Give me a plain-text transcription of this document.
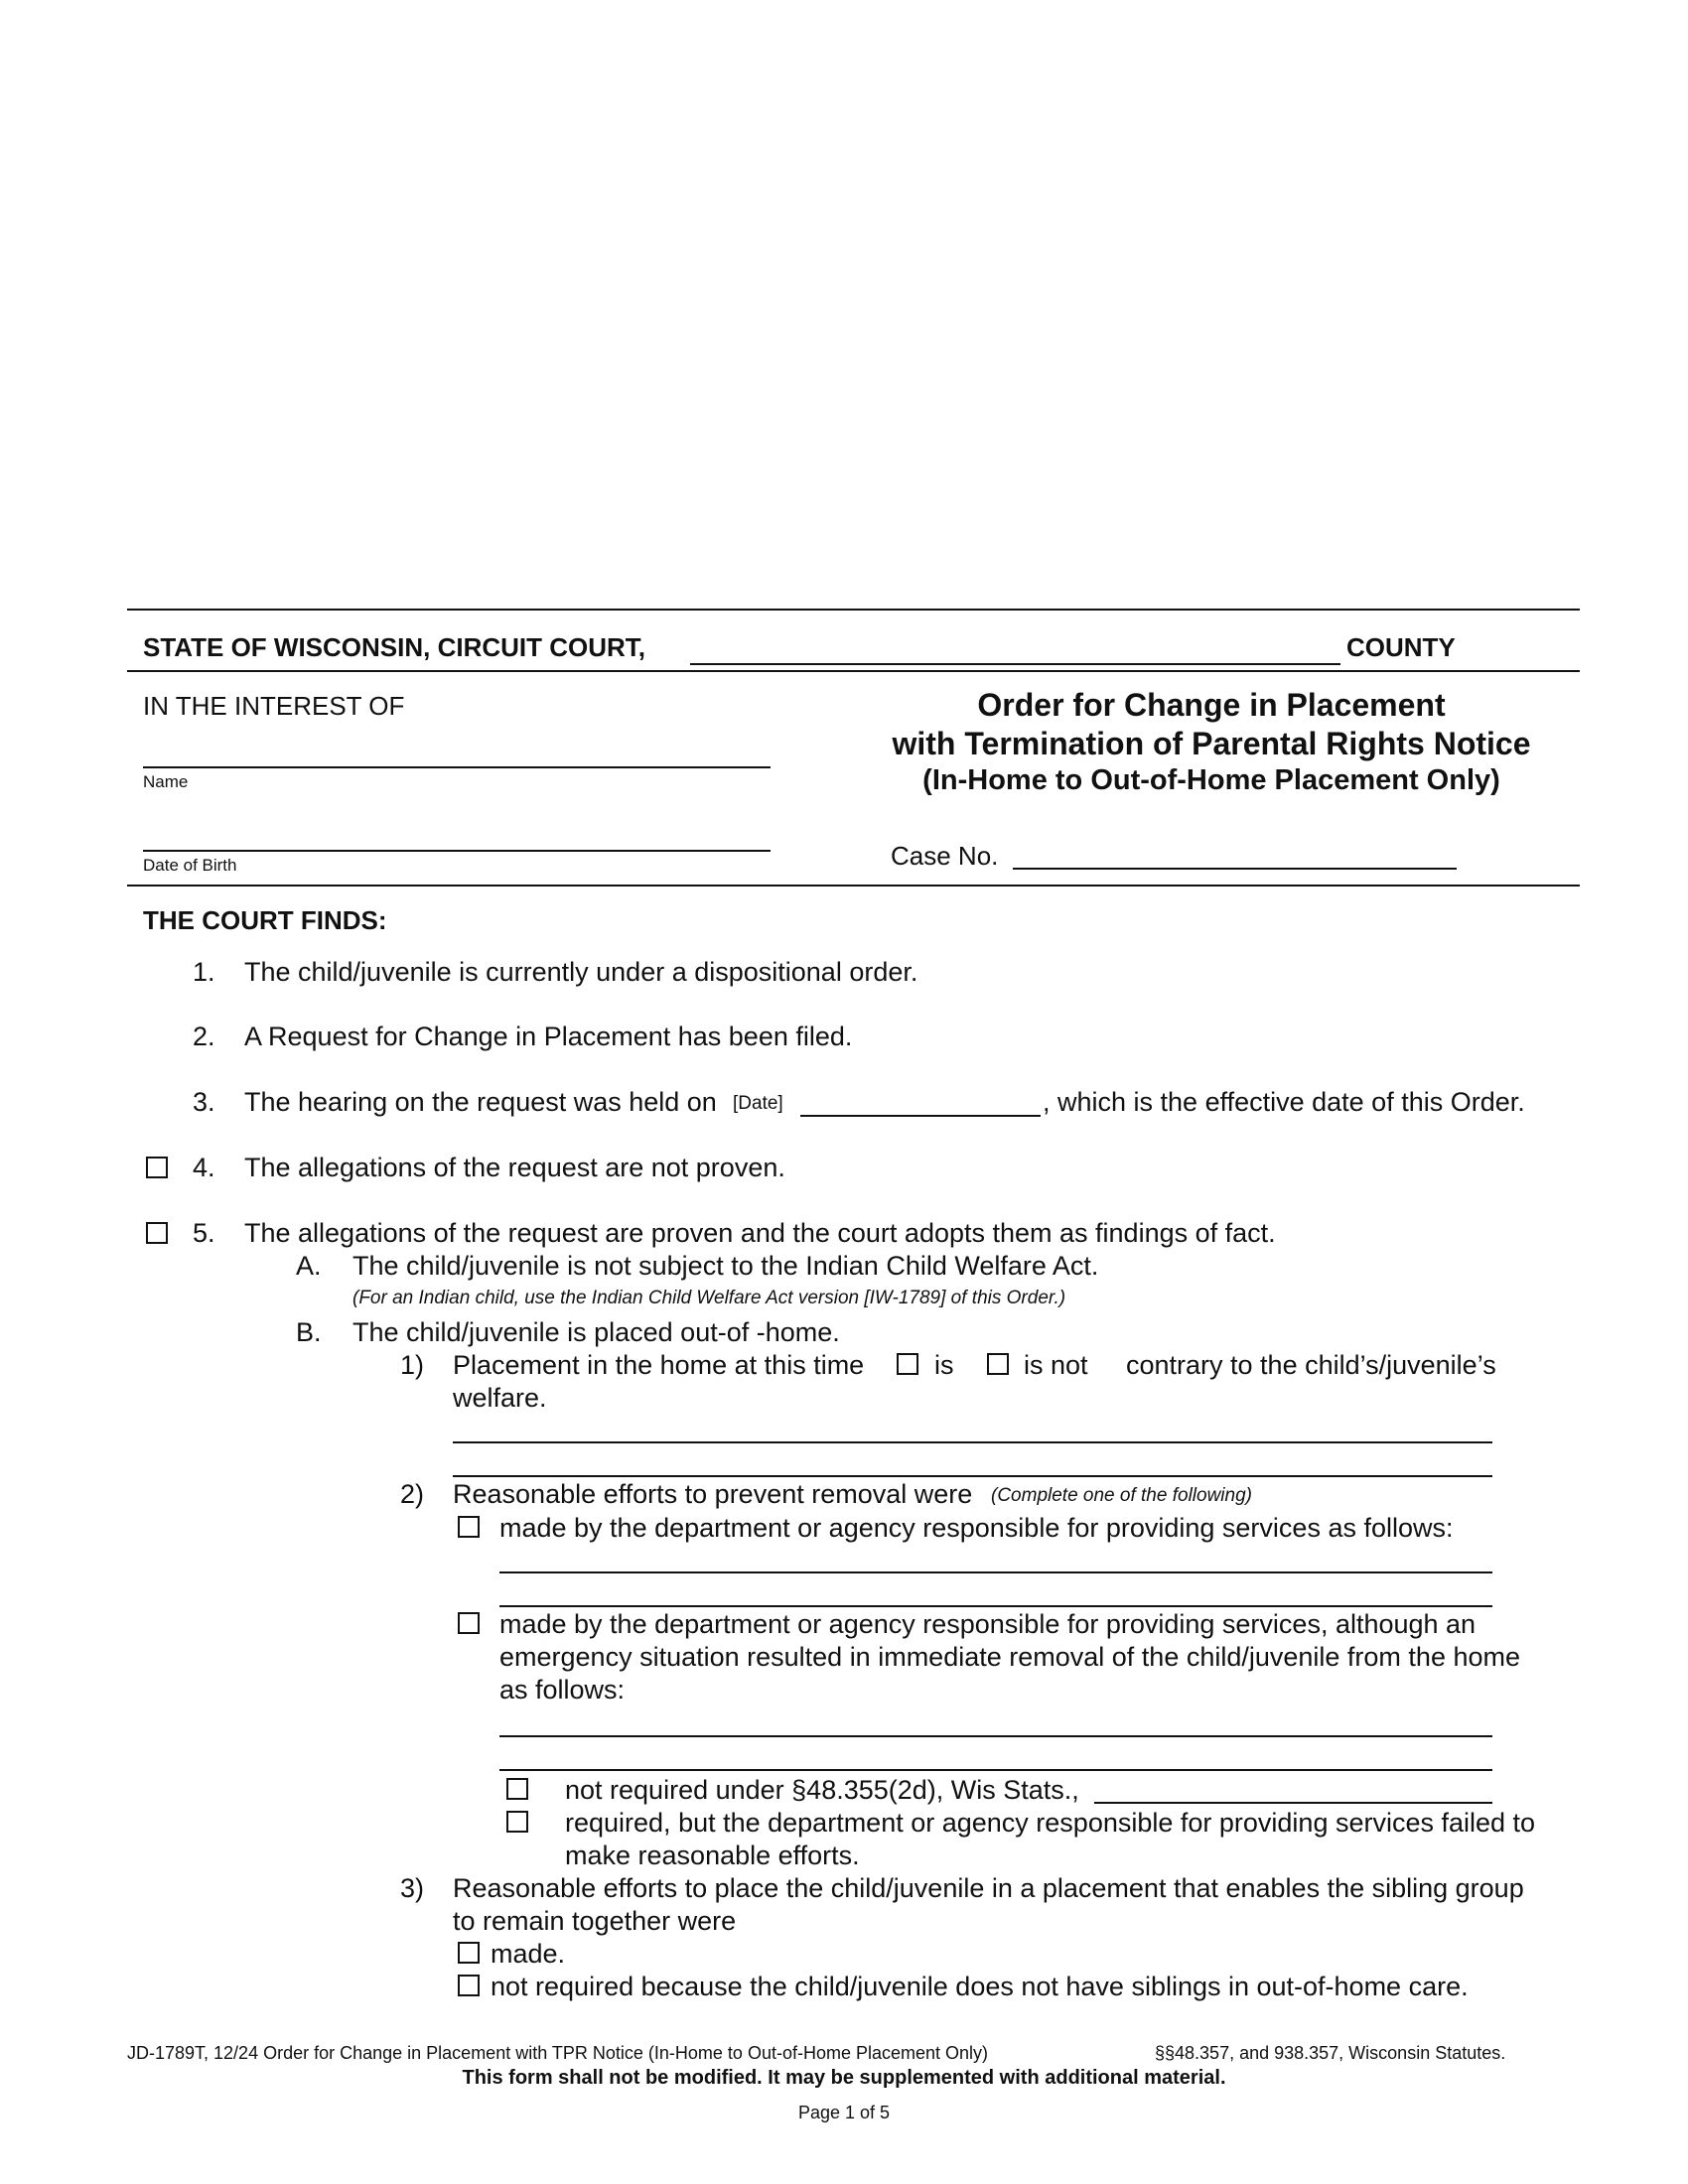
STATE OF WISCONSIN, CIRCUIT COURT,	COUNTY
IN THE INTEREST OF
Name
Date of Birth
Order for Change in Placement
with Termination of Parental Rights Notice
(In-Home to Out-of-Home Placement Only)
Case No.
THE COURT FINDS:
1. The child/juvenile is currently under a dispositional order.
2. A Request for Change in Placement has been filed.
3. The hearing on the request was held on [Date]	, which is the effective date of this Order.
4. The allegations of the request are not proven.
5. The allegations of the request are proven and the court adopts them as findings of fact.
A. The child/juvenile is not subject to the Indian Child Welfare Act.
(For an Indian child, use the Indian Child Welfare Act version [IW-1789] of this Order.)
B. The child/juvenile is placed out-of -home.
1) Placement in the home at this time	is	is not contrary to the child’s/juvenile’s
welfare.
2) Reasonable efforts to prevent removal were (Complete one of the following)
made by the department or agency responsible for providing services as follows:
made by the department or agency responsible for providing services, although an
emergency situation resulted in immediate removal of the child/juvenile from the home
as follows:
not required under §48.355(2d), Wis Stats.,
required, but the department or agency responsible for providing services failed to
make reasonable efforts.
3) Reasonable efforts to place the child/juvenile in a placement that enables the sibling group
to remain together were
made.
not required because the child/juvenile does not have siblings in out-of-home care.
JD-1789T, 12/24 Order for Change in Placement with TPR Notice (In-Home to Out-of-Home Placement Only)	§§48.357, and 938.357, Wisconsin Statutes.
This form shall not be modified. It may be supplemented with additional material.
Page 1 of 5
